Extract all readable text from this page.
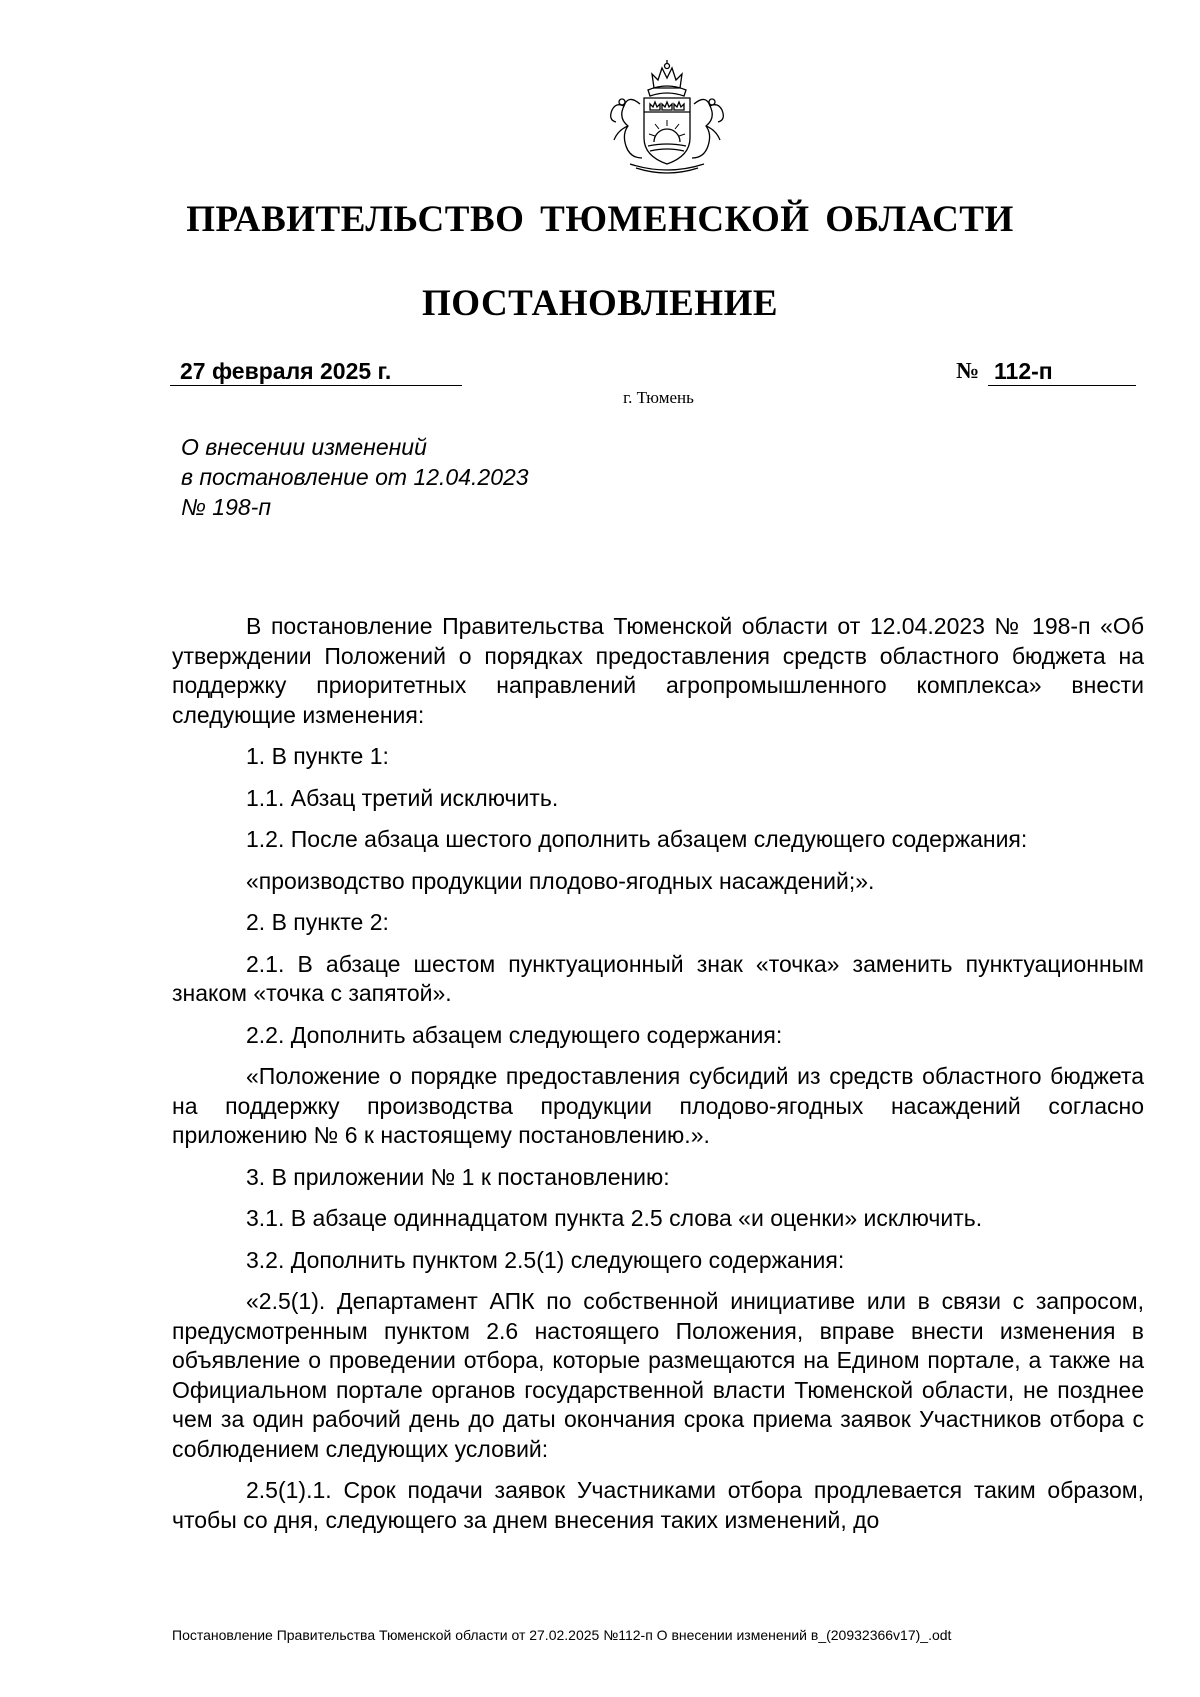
ПРАВИТЕЛЬСТВО ТЮМЕНСКОЙ ОБЛАСТИ
ПОСТАНОВЛЕНИЕ
27 февраля 2025 г.	№ 112-п
г. Тюмень
О внесении изменений
в постановление от 12.04.2023
№ 198-п

В постановление Правительства Тюменской области от 12.04.2023 № 198-п «Об утверждении Положений о порядках предоставления средств областного бюджета на поддержку приоритетных направлений агропромышленного комплекса» внести следующие изменения:

1. В пункте 1:

1.1. Абзац третий исключить.

1.2. После абзаца шестого дополнить абзацем следующего содержания:

«производство продукции плодово-ягодных насаждений;».

2. В пункте 2:

2.1. В абзаце шестом пунктуационный знак «точка» заменить пунктуационным знаком «точка с запятой».

2.2. Дополнить абзацем следующего содержания:

«Положение о порядке предоставления субсидий из средств областного бюджета на поддержку производства продукции плодово-ягодных насаждений согласно приложению № 6 к настоящему постановлению.».

3. В приложении № 1 к постановлению:

3.1. В абзаце одиннадцатом пункта 2.5 слова «и оценки» исключить.

3.2. Дополнить пунктом 2.5(1) следующего содержания:

«2.5(1). Департамент АПК по собственной инициативе или в связи с запросом, предусмотренным пунктом 2.6 настоящего Положения, вправе внести изменения в объявление о проведении отбора, которые размещаются на Едином портале, а также на Официальном портале органов государственной власти Тюменской области, не позднее чем за один рабочий день до даты окончания срока приема заявок Участников отбора с соблюдением следующих условий:

2.5(1).1. Срок подачи заявок Участниками отбора продлевается таким образом, чтобы со дня, следующего за днем внесения таких изменений, до

Постановление Правительства Тюменской области от 27.02.2025 №112-п О внесении изменений в_(20932366v17)_.odt
